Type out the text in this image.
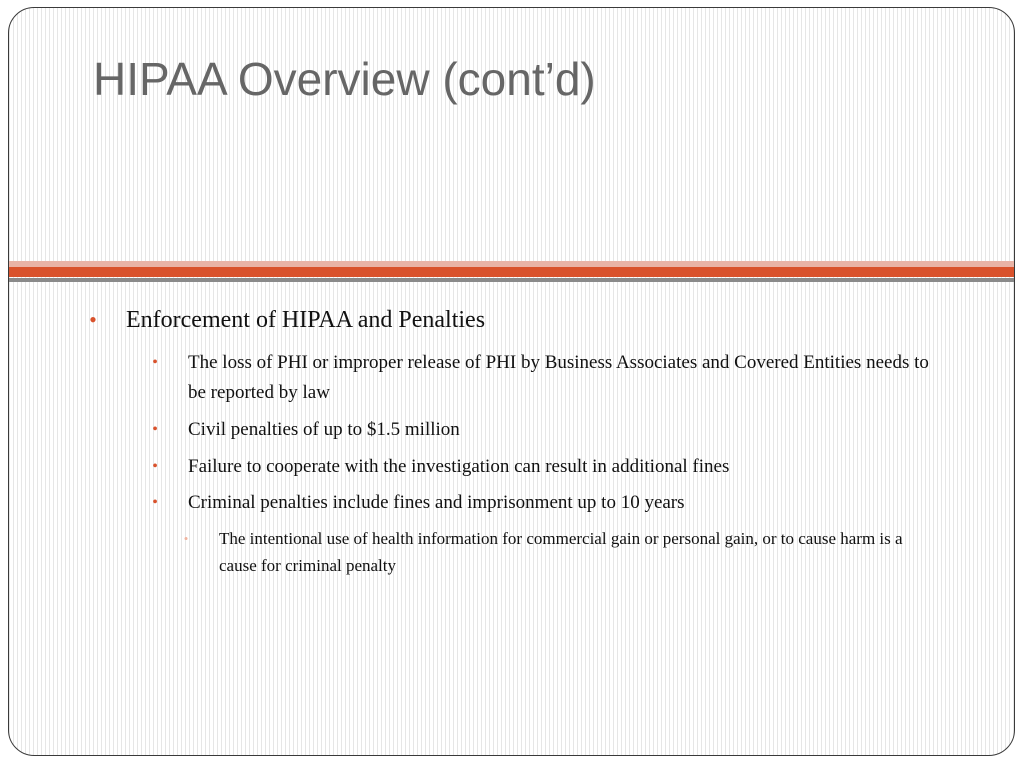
HIPAA Overview (cont’d)
• Enforcement of HIPAA and Penalties
•	The loss of PHI or improper release of PHI by Business Associates and Covered Entities needs to be reported by law
•	Civil penalties of up to $1.5 million
•	Failure to cooperate with the investigation can result in additional fines
•	Criminal penalties include fines and imprisonment up to 10 years
•	The intentional use of health information for commercial gain or personal gain, or to cause harm is a cause for criminal penalty
